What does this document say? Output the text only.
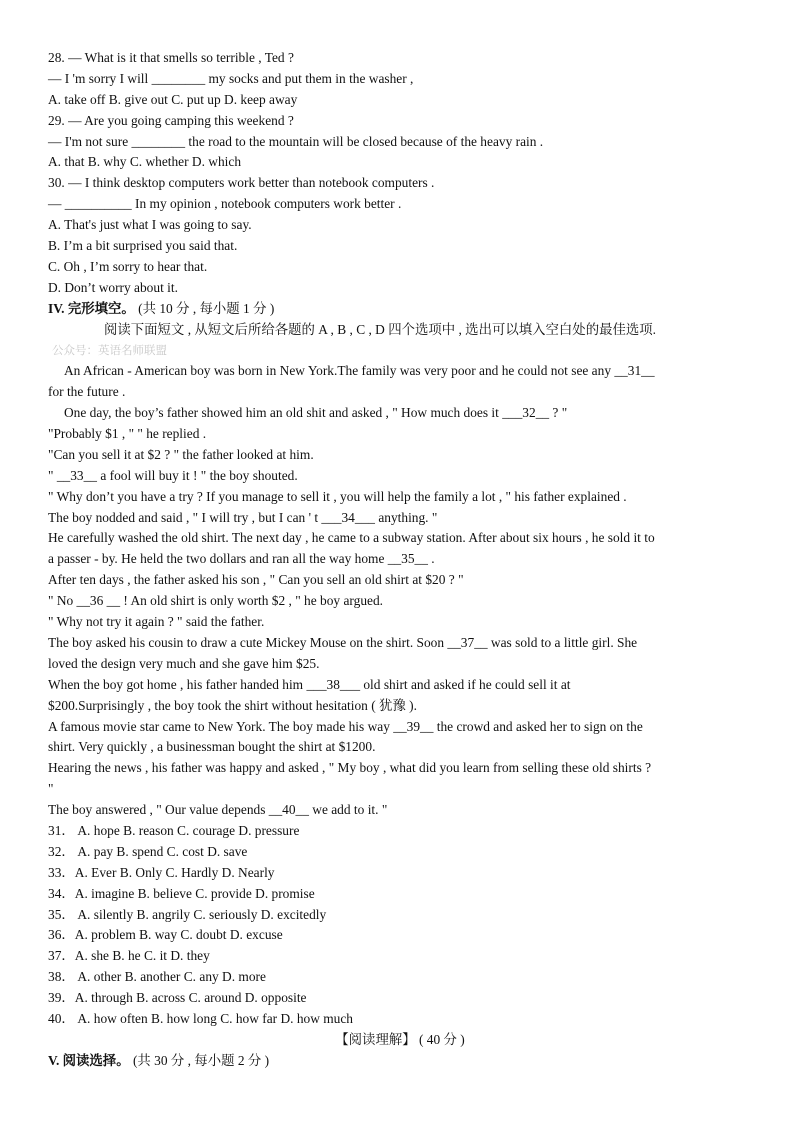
28. — What is it that smells so terrible , Ted ?
— I 'm sorry I will ________ my socks and put them in the washer ,
A. take off B. give out C. put up D. keep away
29. — Are you going camping this weekend ?
— I'm not sure ________ the road to the mountain will be closed because of the heavy rain .
A. that B. why C. whether D. which
30. — I think desktop computers work better than notebook computers .
— __________ In my opinion , notebook computers work better .
A. That's just what I was going to say.
B. I’m a bit surprised you said that.
C. Oh , I’m sorry to hear that.
D. Don’t worry about it.
IV. 完形填空。 (共 10 分 , 每小题 1 分 )
阅读下面短文 , 从短文后所给各题的 A , B , C , D 四个选项中 , 选出可以填入空白处的最佳选项.
公众号：英语名师联盟
An African - American boy was born in New York.The family was very poor and he could not see any __31__
for the future .
One day, the boy’s father showed him an old shit and asked , " How much does it ___32__ ? "
"Probably $1 , " " he replied .
"Can you sell it at $2 ? " the father looked at him.
" __33__ a fool will buy it ! " the boy shouted.
" Why don’t you have a try ? If you manage to sell it , you will help the family a lot , " his father explained .
The boy nodded and said , " I will try , but I can ' t ___34___ anything. "
He carefully washed the old shirt. The next day , he came to a subway station. After about six hours , he sold it to
a passer - by. He held the two dollars and ran all the way home __35__ .
After ten days , the father asked his son , " Can you sell an old shirt at $20 ? "
" No __36 __ ! An old shirt is only worth $2 , " he boy argued.
" Why not try it again ? " said the father.
The boy asked his cousin to draw a cute Mickey Mouse on the shirt. Soon __37__ was sold to a little girl. She
loved the design very much and she gave him $25.
When the boy got home , his father handed him ___38___ old shirt and asked if he could sell it at
$200.Surprisingly , the boy took the shirt without hesitation ( 犹豫 ).
A famous movie star came to New York. The boy made his way __39__ the crowd and asked her to sign on the
shirt. Very quickly , a businessman bought the shirt at $1200.
Hearing the news , his father was happy and asked , " My boy , what did you learn from selling these old shirts ?
"
The boy answered , " Our value depends __40__ we add to it. "
31． A. hope B. reason C. courage D. pressure
32． A. pay B. spend C. cost D. save
33．A. Ever B. Only C. Hardly D. Nearly
34．A. imagine B. believe C. provide D. promise
35． A. silently B. angrily C. seriously D. excitedly
36．A. problem B. way C. doubt D. excuse
37．A. she B. he C. it D. they
38． A. other B. another C. any D. more
39．A. through B. across C. around D. opposite
40． A. how often B. how long C. how far D. how much
【阅读理解】 ( 40 分 )
V. 阅读选择。 (共 30 分 , 每小题 2 分 )
